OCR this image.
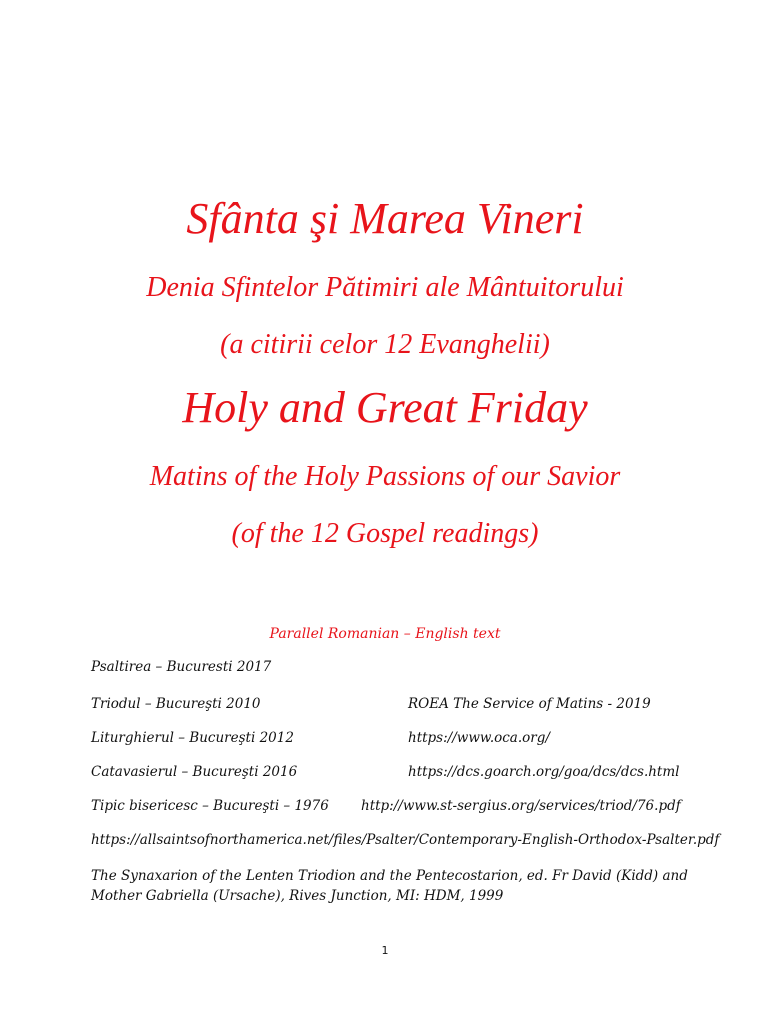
Sfânta şi Marea Vineri
Denia Sfintelor Pătimiri ale Mântuitorului
(a citirii celor 12 Evanghelii)
Holy and Great Friday
Matins of the Holy Passions of our Savior
(of the 12 Gospel readings)
Parallel Romanian – English text
Psaltirea – Bucuresti 2017
Triodul – Bucureşti 2010	ROEA The Service of Matins - 2019
Liturghierul – Bucureşti 2012	https://www.oca.org/
Catavasierul – Bucureşti 2016	https://dcs.goarch.org/goa/dcs/dcs.html
Tipic bisericesc – Bucureşti – 1976 http://www.st-sergius.org/services/triod/76.pdf
https://allsaintsofnorthamerica.net/files/Psalter/Contemporary-English-Orthodox-Psalter.pdf
The Synaxarion of the Lenten Triodion and the Pentecostarion, ed. Fr David (Kidd) and Mother Gabriella (Ursache), Rives Junction, MI: HDM, 1999
1
